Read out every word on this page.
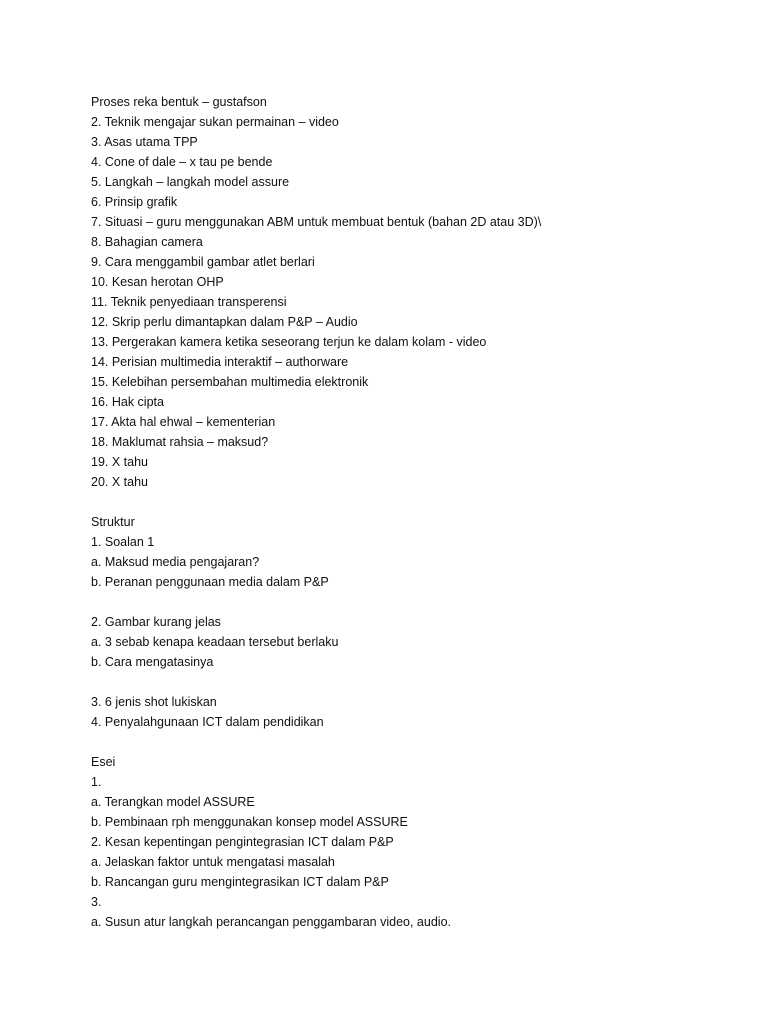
Proses reka bentuk – gustafson
2. Teknik mengajar sukan permainan – video
3. Asas utama TPP
4. Cone of dale – x tau pe bende
5. Langkah – langkah model assure
6. Prinsip grafik
7. Situasi – guru menggunakan ABM untuk membuat bentuk (bahan 2D atau 3D)\
8. Bahagian camera
9. Cara menggambil gambar atlet berlari
10. Kesan herotan OHP
11. Teknik penyediaan transperensi
12. Skrip perlu dimantapkan dalam P&P – Audio
13. Pergerakan kamera ketika seseorang terjun ke dalam kolam - video
14. Perisian multimedia interaktif – authorware
15. Kelebihan persembahan multimedia elektronik
16. Hak cipta
17. Akta hal ehwal – kementerian
18. Maklumat rahsia – maksud?
19. X tahu
20. X tahu
Struktur
1. Soalan 1
a. Maksud media pengajaran?
b. Peranan penggunaan media dalam P&P
2. Gambar kurang jelas
a. 3 sebab kenapa keadaan tersebut berlaku
b. Cara mengatasinya
3. 6 jenis shot lukiskan
4. Penyalahgunaan ICT dalam pendidikan
Esei
1.
a. Terangkan model ASSURE
b. Pembinaan rph menggunakan konsep model ASSURE
2. Kesan kepentingan pengintegrasian ICT dalam P&P
a. Jelaskan faktor untuk mengatasi masalah
b. Rancangan guru mengintegrasikan ICT dalam P&P
3.
a. Susun atur langkah perancangan penggambaran video, audio.
